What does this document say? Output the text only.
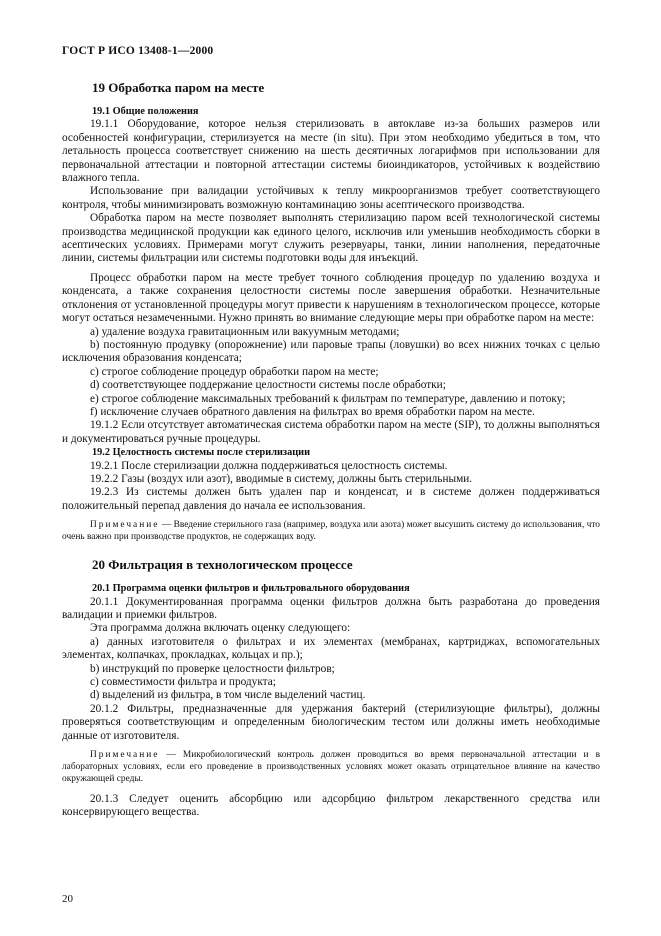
ГОСТ Р ИСО 13408-1—2000
19 Обработка паром на месте
19.1 Общие положения

19.1.1 Оборудование, которое нельзя стерилизовать в автоклаве из-за больших размеров или особенностей конфигурации, стерилизуется на месте (in situ). При этом необходимо убедиться в том, что летальность процесса соответствует снижению на шесть десятичных логарифмов при использовании для первоначальной аттестации и повторной аттестации системы биоиндикаторов, устойчивых к воздействию влажного тепла.

Использование при валидации устойчивых к теплу микроорганизмов требует соответствующего контроля, чтобы минимизировать возможную контаминацию зоны асептического производства.

Обработка паром на месте позволяет выполнять стерилизацию паром всей технологической системы производства медицинской продукции как единого целого, исключив или уменьшив необходимость сборки в асептических условиях. Примерами могут служить резервуары, танки, линии наполнения, передаточные линии, системы фильтрации или системы подготовки воды для инъекций.

Процесс обработки паром на месте требует точного соблюдения процедур по удалению воздуха и конденсата, а также сохранения целостности системы после завершения обработки. Незначительные отклонения от установленной процедуры могут привести к нарушениям в технологическом процессе, которые могут остаться незамеченными. Нужно принять во внимание следующие меры при обработке паром на месте:

a) удаление воздуха гравитационным или вакуумным методами;

b) постоянную продувку (опорожнение) или паровые трапы (ловушки) во всех нижних точках с целью исключения образования конденсата;

c) строгое соблюдение процедур обработки паром на месте;

d) соответствующее поддержание целостности системы после обработки;

e) строгое соблюдение максимальных требований к фильтрам по температуре, давлению и потоку;

f) исключение случаев обратного давления на фильтрах во время обработки паром на месте.

19.1.2 Если отсутствует автоматическая система обработки паром на месте (SIP), то должны выполняться и документироваться ручные процедуры.

19.2 Целостность системы после стерилизации

19.2.1 После стерилизации должна поддерживаться целостность системы.

19.2.2 Газы (воздух или азот), вводимые в систему, должны быть стерильными.

19.2.3 Из системы должен быть удален пар и конденсат, и в системе должен поддерживаться положительный перепад давления до начала ее использования.

Примечание — Введение стерильного газа (например, воздуха или азота) может высушить систему до использования, что очень важно при производстве продуктов, не содержащих воду.
20 Фильтрация в технологическом процессе
20.1 Программа оценки фильтров и фильтровального оборудования

20.1.1 Документированная программа оценки фильтров должна быть разработана до проведения валидации и приемки фильтров.

Эта программа должна включать оценку следующего:

a) данных изготовителя о фильтрах и их элементах (мембранах, картриджах, вспомогательных элементах, колпачках, прокладках, кольцах и пр.);

b) инструкций по проверке целостности фильтров;

c) совместимости фильтра и продукта;

d) выделений из фильтра, в том числе выделений частиц.

20.1.2 Фильтры, предназначенные для удержания бактерий (стерилизующие фильтры), должны проверяться соответствующим и определенным биологическим тестом или должны иметь необходимые данные от изготовителя.

Примечание — Микробиологический контроль должен проводиться во время первоначальной аттестации и в лабораторных условиях, если его проведение в производственных условиях может оказать отрицательное влияние на качество окружающей среды.

20.1.3 Следует оценить абсорбцию или адсорбцию фильтром лекарственного средства или консервирующего вещества.

20
